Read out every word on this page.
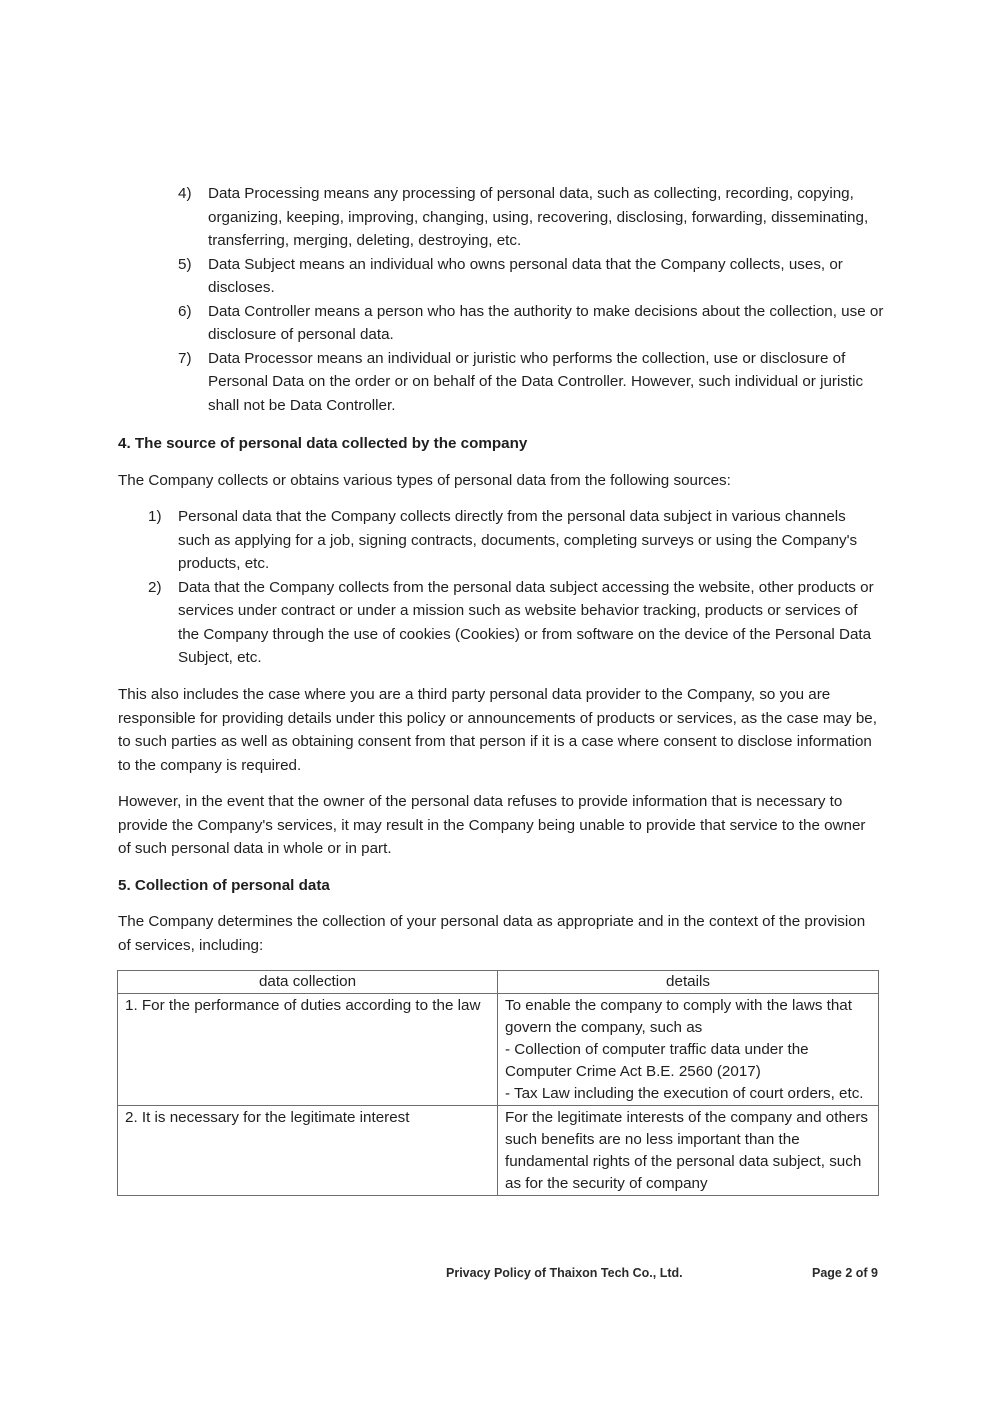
4) Data Processing means any processing of personal data, such as collecting, recording, copying, organizing, keeping, improving, changing, using, recovering, disclosing, forwarding, disseminating, transferring, merging, deleting, destroying, etc.
5) Data Subject means an individual who owns personal data that the Company collects, uses, or discloses.
6) Data Controller means a person who has the authority to make decisions about the collection, use or disclosure of personal data.
7) Data Processor means an individual or juristic who performs the collection, use or disclosure of Personal Data on the order or on behalf of the Data Controller. However, such individual or juristic shall not be Data Controller.
4. The source of personal data collected by the company

The Company collects or obtains various types of personal data from the following sources:

1) Personal data that the Company collects directly from the personal data subject in various channels such as applying for a job, signing contracts, documents, completing surveys or using the Company's products, etc.
2) Data that the Company collects from the personal data subject accessing the website, other products or services under contract or under a mission such as website behavior tracking, products or services of the Company through the use of cookies (Cookies) or from software on the device of the Personal Data Subject, etc.

This also includes the case where you are a third party personal data provider to the Company, so you are responsible for providing details under this policy or announcements of products or services, as the case may be, to such parties as well as obtaining consent from that person if it is a case where consent to disclose information to the company is required.

However, in the event that the owner of the personal data refuses to provide information that is necessary to provide the Company's services, it may result in the Company being unable to provide that service to the owner of such personal data in whole or in part.

5. Collection of personal data

The Company determines the collection of your personal data as appropriate and in the context of the provision of services, including:

data collection	details
1. For the performance of duties according to the law	To enable the company to comply with the laws that govern the company, such as
- Collection of computer traffic data under the Computer Crime Act B.E. 2560 (2017)
- Tax Law including the execution of court orders, etc.

2. It is necessary for the legitimate interest	For the legitimate interests of the company and others such benefits are no less important than the fundamental rights of the personal data subject, such as for the security of company
Privacy Policy of Thaixon Tech Co., Ltd.	Page 2 of 9
